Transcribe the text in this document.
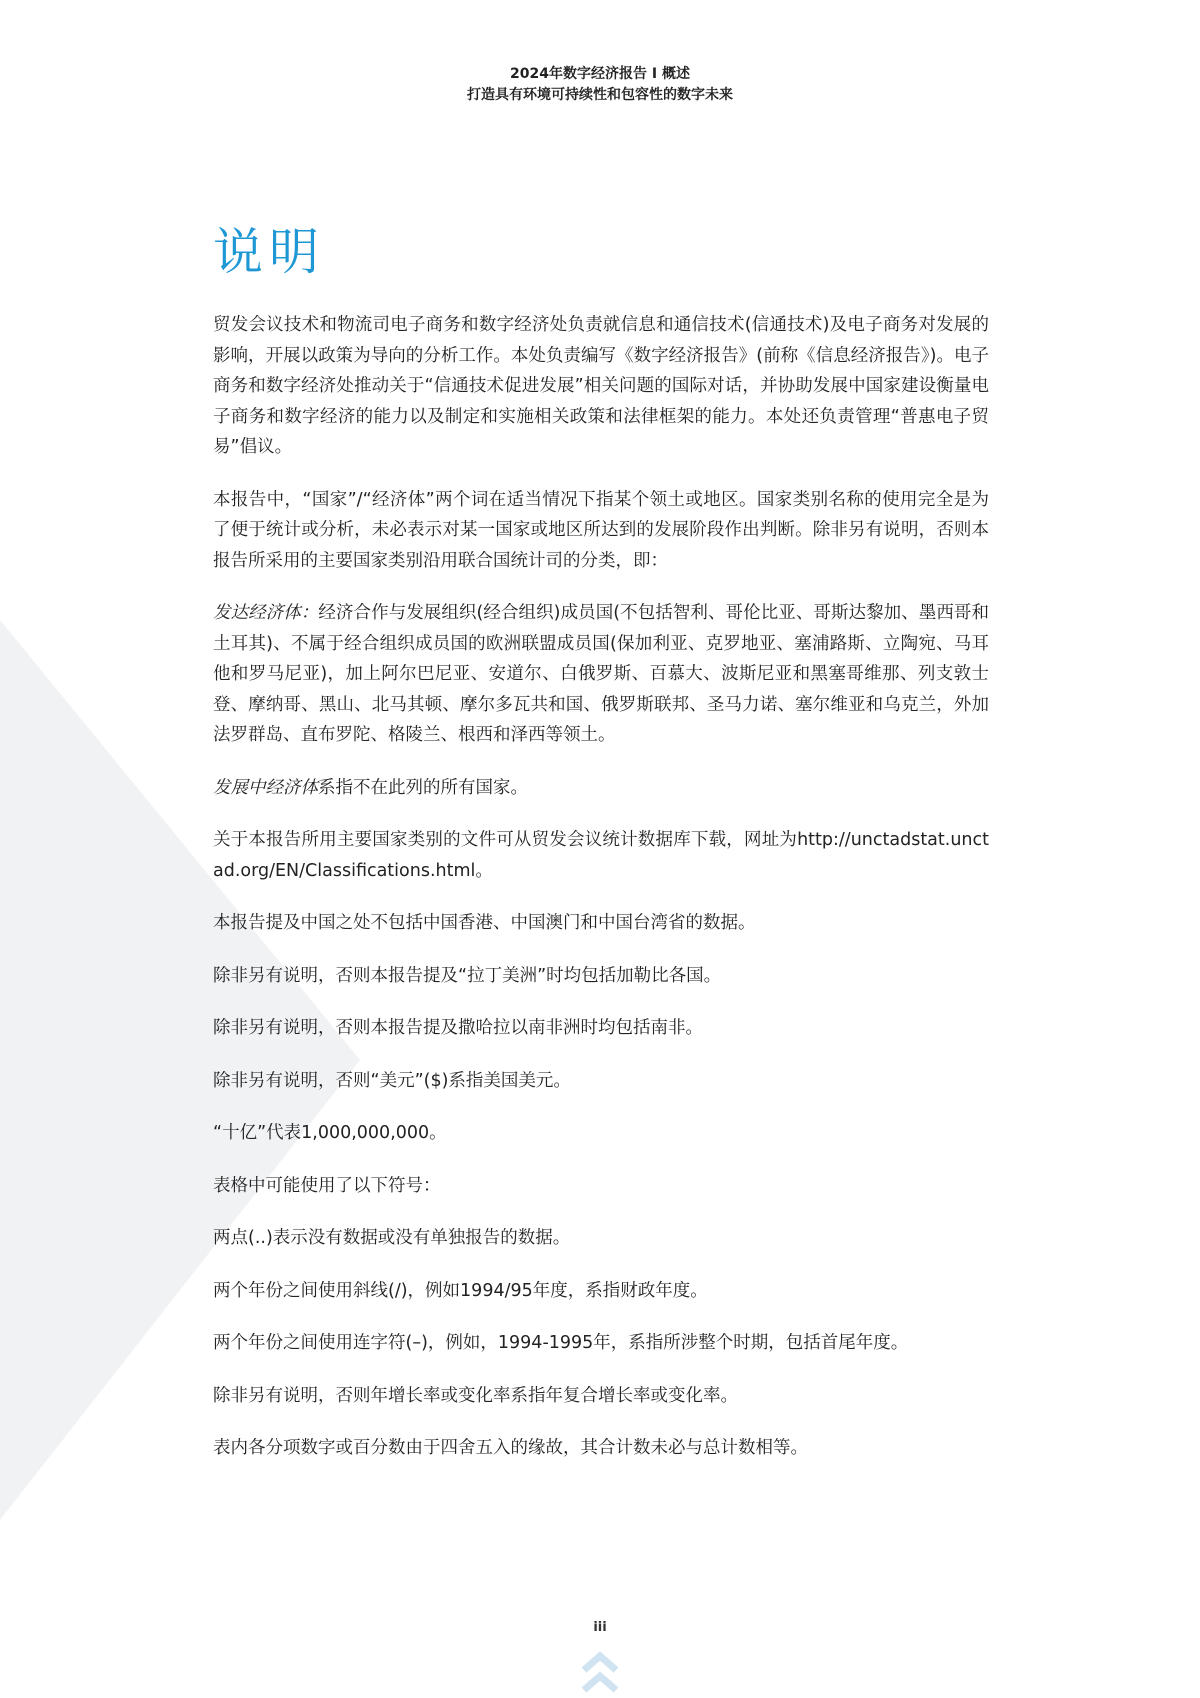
2024年数字经济报告 I 概述
打造具有环境可持续性和包容性的数字未来
说明

贸发会议技术和物流司电子商务和数字经济处负责就信息和通信技术(信通技术)及电子商务对发展的影响，开展以政策为导向的分析工作。本处负责编写《数字经济报告》(前称《信息经济报告》)。电子商务和数字经济处推动关于“信通技术促进发展”相关问题的国际对话，并协助发展中国家建设衡量电子商务和数字经济的能力以及制定和实施相关政策和法律框架的能力。本处还负责管理“普惠电子贸易”倡议。

本报告中，“国家”/“经济体”两个词在适当情况下指某个领土或地区。国家类别名称的使用完全是为了便于统计或分析，未必表示对某一国家或地区所达到的发展阶段作出判断。除非另有说明，否则本报告所采用的主要国家类别沿用联合国统计司的分类，即：

发达经济体：经济合作与发展组织(经合组织)成员国(不包括智利、哥伦比亚、哥斯达黎加、墨西哥和土耳其)、不属于经合组织成员国的欧洲联盟成员国(保加利亚、克罗地亚、塞浦路斯、立陶宛、马耳他和罗马尼亚)，加上阿尔巴尼亚、安道尔、白俄罗斯、百慕大、波斯尼亚和黑塞哥维那、列支敦士登、摩纳哥、黑山、北马其顿、摩尔多瓦共和国、俄罗斯联邦、圣马力诺、塞尔维亚和乌克兰，外加法罗群岛、直布罗陀、格陵兰、根西和泽西等领土。

发展中经济体系指不在此列的所有国家。

关于本报告所用主要国家类别的文件可从贸发会议统计数据库下载，网址为http://unctadstat.unctad.org/EN/Classifications.html。

本报告提及中国之处不包括中国香港、中国澳门和中国台湾省的数据。

除非另有说明，否则本报告提及“拉丁美洲”时均包括加勒比各国。

除非另有说明，否则本报告提及撒哈拉以南非洲时均包括南非。

除非另有说明，否则“美元”($)系指美国美元。

“十亿”代表1,000,000,000。

表格中可能使用了以下符号：

两点(..)表示没有数据或没有单独报告的数据。

两个年份之间使用斜线(/)，例如1994/95年度，系指财政年度。

两个年份之间使用连字符(–)，例如，1994-1995年，系指所涉整个时期，包括首尾年度。

除非另有说明，否则年增长率或变化率系指年复合增长率或变化率。

表内各分项数字或百分数由于四舍五入的缘故，其合计数未必与总计数相等。

iii
